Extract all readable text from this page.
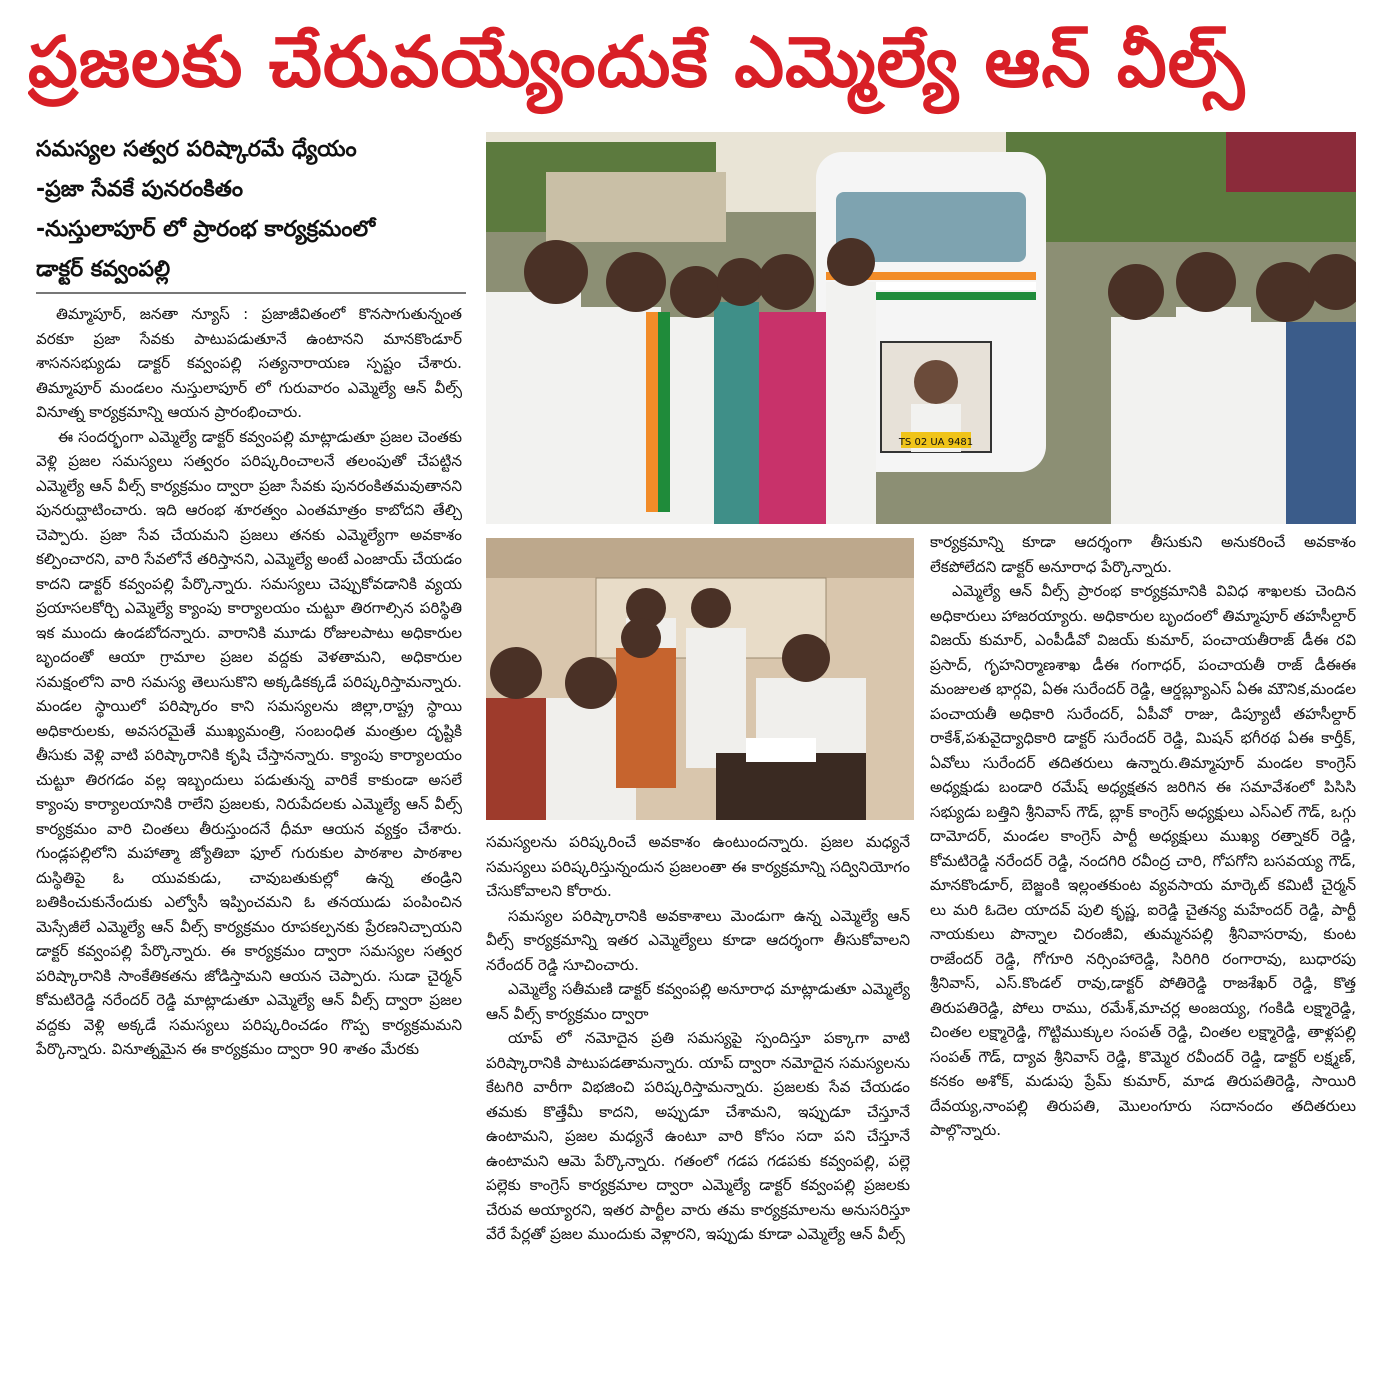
ప్రజలకు చేరువయ్యేందుకే ఎమ్మెల్యే ఆన్ వీల్స్
సమస్యల సత్వర పరిష్కారమే ధ్యేయం
-ప్రజా సేవకే పునరంకితం
-నుస్తులాపూర్ లో ప్రారంభ కార్యక్రమంలో
డాక్టర్ కవ్వంపల్లి

తిమ్మాపూర్, జనతా న్యూస్ : ప్రజాజీవితంలో కొనసాగుతున్నంత వరకూ ప్రజా సేవకు పాటుపడుతూనే ఉంటానని మానకొండూర్ శాసనసభ్యుడు డాక్టర్ కవ్వంపల్లి సత్యనారాయణ స్పష్టం చేశారు. తిమ్మాపూర్ మండలం నుస్తులాపూర్ లో గురువారం ఎమ్మెల్యే ఆన్ వీల్స్ వినూత్న కార్యక్రమాన్ని ఆయన ప్రారంభించారు.

ఈ సందర్భంగా ఎమ్మెల్యే డాక్టర్ కవ్వంపల్లి మాట్లాడుతూ ప్రజల చెంతకు వెళ్లి ప్రజల సమస్యలు సత్వరం పరిష్కరించాలనే తలంపుతో చేపట్టిన ఎమ్మెల్యే ఆన్ వీల్స్ కార్యక్రమం ద్వారా ప్రజా సేవకు పునరంకితమవుతానని పునరుద్ఘాటించారు. ఇది ఆరంభ శూరత్వం ఎంతమాత్రం కాబోదని తేల్చి చెప్పారు. ప్రజా సేవ చేయమని ప్రజలు తనకు ఎమ్మెల్యేగా అవకాశం కల్పించారని, వారి సేవలోనే తరిస్తానని, ఎమ్మెల్యే అంటే ఎంజాయ్ చేయడం కాదని డాక్టర్ కవ్వంపల్లి పేర్కొన్నారు. సమస్యలు చెప్పుకోవడానికి వ్యయ ప్రయాసలకోర్చి ఎమ్మెల్యే క్యాంపు కార్యాలయం చుట్టూ తిరగాల్సిన పరిస్థితి ఇక ముందు ఉండబోదన్నారు. వారానికి మూడు రోజులపాటు అధికారుల బృందంతో ఆయా గ్రామాల ప్రజల వద్దకు వెళతామని, అధికారుల సమక్షంలోని వారి సమస్య తెలుసుకొని అక్కడికక్కడే పరిష్కరిస్తామన్నారు. మండల స్థాయిలో పరిష్కారం కాని సమస్యలను జిల్లా,రాష్ట్ర స్థాయి అధికారులకు, అవసరమైతే ముఖ్యమంత్రి, సంబంధిత మంత్రుల దృష్టికి తీసుకు వెళ్లి వాటి పరిష్కారానికి కృషి చేస్తానన్నారు. క్యాంపు కార్యాలయం చుట్టూ తిరగడం వల్ల ఇబ్బందులు పడుతున్న వారికే కాకుండా అసలే క్యాంపు కార్యాలయానికి రాలేని ప్రజలకు, నిరుపేదలకు ఎమ్మెల్యే ఆన్ వీల్స్ కార్యక్రమం వారి చింతలు తీరుస్తుందనే ధీమా ఆయన వ్యక్తం చేశారు. గుండ్లపల్లిలోని మహాత్మా జ్యోతిబా ఫూల్ గురుకుల పాఠశాల పాఠశాల దుస్థితిపై ఓ యువకుడు, చావుబతుకుల్లో ఉన్న తండ్రిని బతికించుకునేందుకు ఎల్వోసీ ఇప్పించమని ఓ తనయుడు పంపించిన మెస్సేజీలే ఎమ్మెల్యే ఆన్ వీల్స్ కార్యక్రమం రూపకల్పనకు ప్రేరణనిచ్చాయని డాక్టర్ కవ్వంపల్లి పేర్కొన్నారు. ఈ కార్యక్రమం ద్వారా సమస్యల సత్వర పరిష్కారానికి సాంకేతికతను జోడిస్తామని ఆయన చెప్పారు. సుడా చైర్మన్ కోమటిరెడ్డి నరేందర్ రెడ్డి మాట్లాడుతూ ఎమ్మెల్యే ఆన్ వీల్స్ ద్వారా ప్రజల వద్దకు వెళ్లి అక్కడే సమస్యలు పరిష్కరించడం గొప్ప కార్యక్రమమని పేర్కొన్నారు. వినూత్నమైన ఈ కార్యక్రమం ద్వారా 90 శాతం మేరకు

TS 02 UA 9481

సమస్యలను పరిష్కరించే అవకాశం ఉంటుందన్నారు. ప్రజల మధ్యనే సమస్యలు పరిష్కరిస్తున్నందున ప్రజలంతా ఈ కార్యక్రమాన్ని సద్వినియోగం చేసుకోవాలని కోరారు.

సమస్యల పరిష్కారానికి అవకాశాలు మెండుగా ఉన్న ఎమ్మెల్యే ఆన్ వీల్స్ కార్యక్రమాన్ని ఇతర ఎమ్మెల్యేలు కూడా ఆదర్శంగా తీసుకోవాలని నరేందర్ రెడ్డి సూచించారు.

ఎమ్మెల్యే సతీమణి డాక్టర్ కవ్వంపల్లి అనూరాధ మాట్లాడుతూ ఎమ్మెల్యే ఆన్ వీల్స్ కార్యక్రమం ద్వారా

యాప్ లో నమోదైన ప్రతి సమస్యపై స్పందిస్తూ పక్కాగా వాటి పరిష్కారానికి పాటుపడతామన్నారు. యాప్ ద్వారా నమోదైన సమస్యలను కేటగిరి వారీగా విభజించి పరిష్కరిస్తామన్నారు. ప్రజలకు సేవ చేయడం తమకు కొత్తేమీ కాదని, అప్పుడూ చేశామని, ఇప్పుడూ చేస్తూనే ఉంటామని, ప్రజల మధ్యనే ఉంటూ వారి కోసం సదా పని చేస్తూనే ఉంటామని ఆమె పేర్కొన్నారు. గతంలో గడప గడపకు కవ్వంపల్లి, పల్లె పల్లెకు కాంగ్రెస్ కార్యక్రమాల ద్వారా ఎమ్మెల్యే డాక్టర్ కవ్వంపల్లి ప్రజలకు చేరువ అయ్యారని, ఇతర పార్టీల వారు తమ కార్యక్రమాలను అనుసరిస్తూ వేరే పేర్లతో ప్రజల ముందుకు వెళ్లారని, ఇప్పుడు కూడా ఎమ్మెల్యే ఆన్ వీల్స్

కార్యక్రమాన్ని కూడా ఆదర్శంగా తీసుకుని అనుకరించే అవకాశం లేకపోలేదని డాక్టర్ అనూరాధ పేర్కొన్నారు.

ఎమ్మెల్యే ఆన్ వీల్స్ ప్రారంభ కార్యక్రమానికి వివిధ శాఖలకు చెందిన అధికారులు హాజరయ్యారు. అధికారుల బృందంలో తిమ్మాపూర్ తహసీల్దార్ విజయ్ కుమార్, ఎంపీడీవో విజయ్ కుమార్, పంచాయతీరాజ్ డీఈ రవి ప్రసాద్, గృహనిర్మాణశాఖ డీఈ గంగాధర్, పంచాయతీ రాజ్ డీఈఈ మంజులత భార్గవి, ఏఈ సురేందర్ రెడ్డి, ఆర్డబ్ల్యూఎస్ ఏఈ మౌనిక,మండల పంచాయతీ అధికారి సురేందర్, ఏపీవో రాజు, డిప్యూటీ తహసీల్దార్ రాకేశ్,పశువైద్యాధికారి డాక్టర్ సురేందర్ రెడ్డి, మిషన్ భగీరథ ఏఈ కార్తీక్, ఏవోలు సురేందర్ తదితరులు ఉన్నారు.తిమ్మాపూర్ మండల కాంగ్రెస్ అధ్యక్షుడు బండారి రమేష్ అధ్యక్షతన జరిగిన ఈ సమావేశంలో పిసిసి సభ్యుడు బత్తిని శ్రీనివాస్ గౌడ్, బ్లాక్ కాంగ్రెస్ అధ్యక్షులు ఎస్ఎల్ గౌడ్, ఒగ్గు దామోదర్, మండల కాంగ్రెస్ పార్టీ అధ్యక్షులు ముఖ్య రత్నాకర్ రెడ్డి, కోమటిరెడ్డి నరేందర్ రెడ్డి, నందగిరి రవీంద్ర చారి, గోపగోని బసవయ్య గౌడ్, మానకొండూర్, బెజ్జంకి ఇల్లంతకుంట వ్యవసాయ మార్కెట్ కమిటీ చైర్మన్ లు మరి ఓదెల యాదవ్ పులి కృష్ణ, ఐరెడ్డి చైతన్య మహేందర్ రెడ్డి, పార్టీ నాయకులు పొన్నాల చిరంజీవి, తుమ్మనపల్లి శ్రీనివాసరావు, కుంట రాజేందర్ రెడ్డి, గోగూరి నర్సింహారెడ్డి, సిరిగిరి రంగారావు, బుధారపు శ్రీనివాస్, ఎస్.కొండల్ రావు,డాక్టర్ పోతిరెడ్డి రాజశేఖర్ రెడ్డి, కొత్త తిరుపతిరెడ్డి, పోలు రాము, రమేశ్,మాచర్ల అంజయ్య, గంకిడి లక్ష్మారెడ్డి, చింతల లక్ష్మారెడ్డి, గొట్టిముక్కుల సంపత్ రెడ్డి, చింతల లక్ష్మారెడ్డి, తాళ్లపల్లి సంపత్ గౌడ్, ద్యావ శ్రీనివాస్ రెడ్డి, కొమ్మెర రవీందర్ రెడ్డి, డాక్టర్ లక్ష్మణ్, కనకం అశోక్, మడుపు ప్రేమ్ కుమార్, మాడ తిరుపతిరెడ్డి, సాయిరి దేవయ్య,నాంపల్లి తిరుపతి, మొలంగూరు సదానందం తదితరులు పాల్గొన్నారు.
